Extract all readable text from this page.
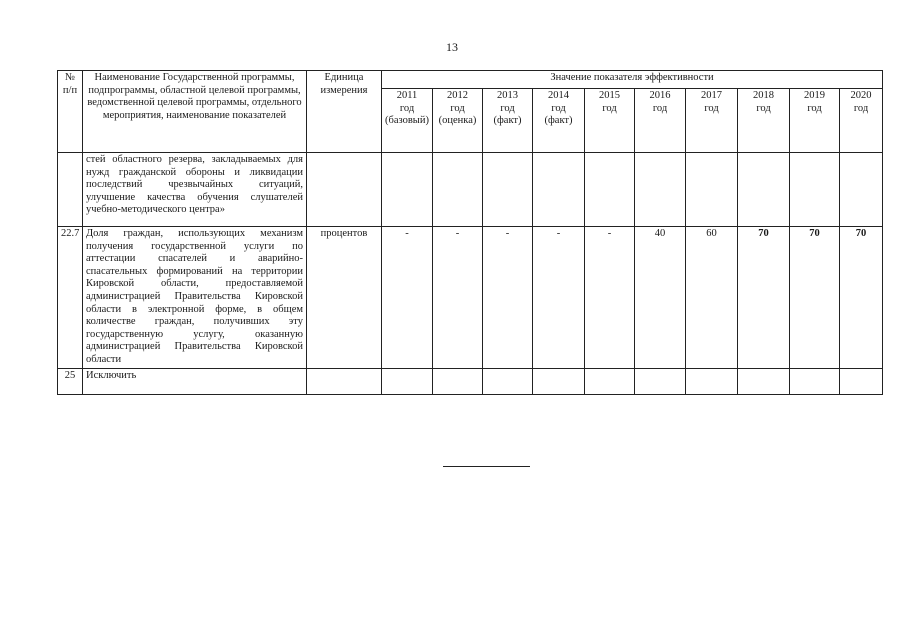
13
№ п/п	Наименование Государственной программы, подпрограммы, областной целевой программы, ведомственной целевой программы, отдельного мероприятия, наименование показателей	Единица измерения	Значение показателя эффективности									
			2011
год
(базовый)	2012
год
(оценка)	2013
год
(факт)	2014
год
(факт)	2015
год	2016
год	2017
год	2018
год	2019
год	2020
год
	стей областного резерва, закладываемых для нужд гражданской обороны и ликвидации последствий чрезвычайных ситуаций, улучшение качества обучения слушателей учебно-методического центра»											
22.7	Доля граждан, использующих механизм получения государственной услуги по аттестации спасателей и аварийно-спасательных формирований на территории Кировской области, предоставляемой администрацией Правительства Кировской области в электронной форме, в общем количестве граждан, получивших эту государственную услугу, оказанную администрацией Правительства Кировской области	процентов	-	-	-	-	-	40	60	70	70	70
25	Исключить											
